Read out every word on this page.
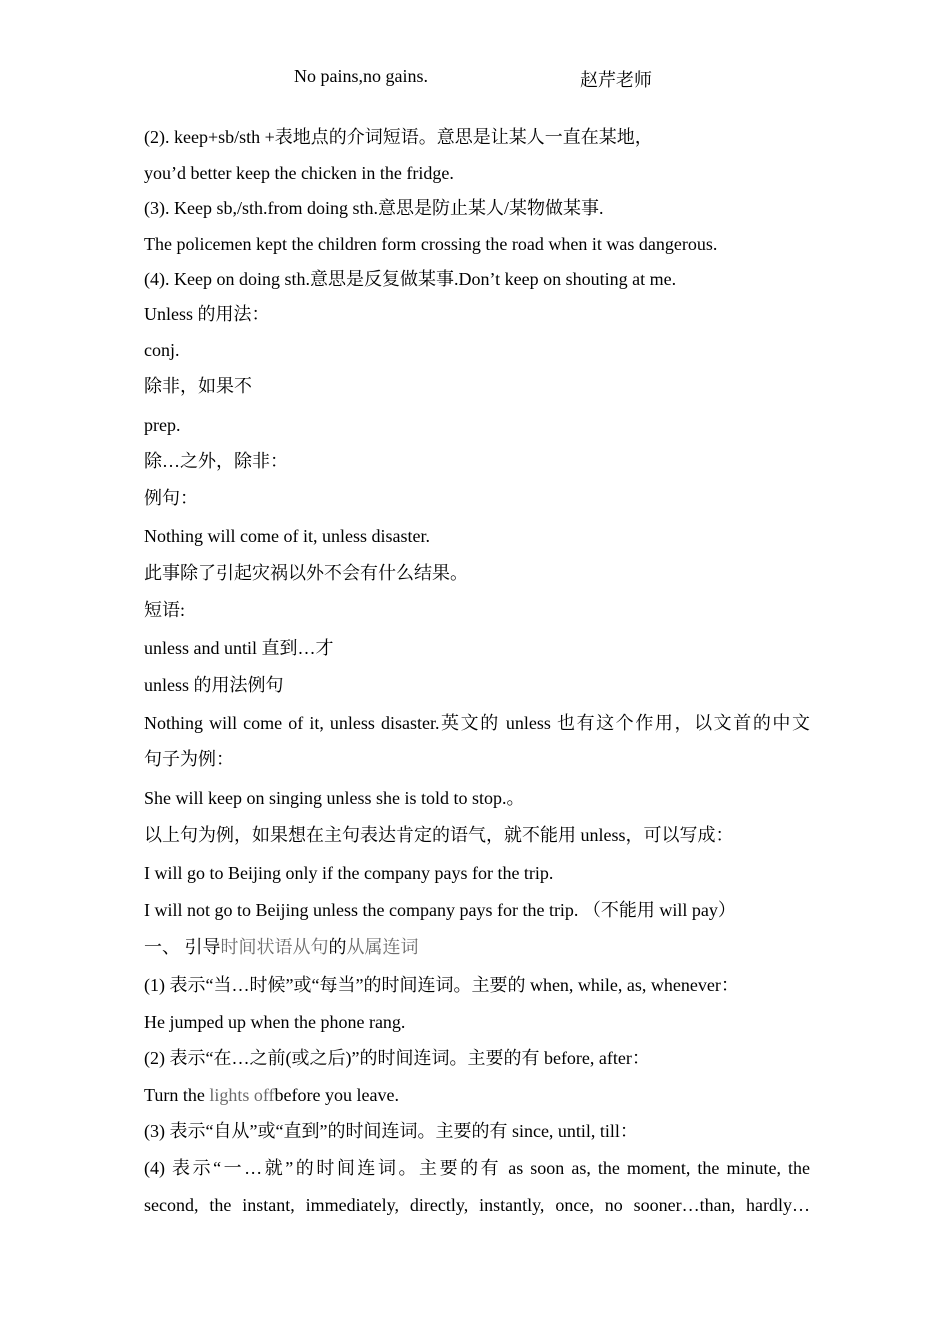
No pains,no gains.	赵芹老师
(2). keep+sb/sth +表地点的介词短语。意思是让某人一直在某地，
you’d better keep the chicken in the fridge.
(3). Keep sb,/sth.from doing sth.意思是防止某人/某物做某事.
The policemen kept the children form crossing the road when it was dangerous.
(4). Keep on doing sth.意思是反复做某事.Don’t keep on shouting at me.
Unless 的用法：
conj.
除非，如果不
prep.
除…之外，除非：
例句：
Nothing will come of it, unless disaster.
此事除了引起灾祸以外不会有什么结果。
短语:
unless and until 直到…才
unless 的用法例句
Nothing will come of it, unless disaster.英文的 unless 也有这个作用，以文首的中文
句子为例：
She will keep on singing unless she is told to stop.。
以上句为例，如果想在主句表达肯定的语气，就不能用 unless，可以写成：
I will go to Beijing only if the company pays for the trip.
I will not go to Beijing unless the company pays for the trip. （不能用 will pay）
一、 引导时间状语从句的从属连词
(1) 表示“当…时候”或“每当”的时间连词。主要的 when, while, as, whenever：
He jumped up when the phone rang.
(2) 表示“在…之前(或之后)”的时间连词。主要的有 before, after：
Turn the lights offbefore you leave.
(3) 表示“自从”或“直到”的时间连词。主要的有 since, until, till：
(4) 表示“一…就”的时间连词。主要的有 as soon as, the moment, the minute, the
second, the instant, immediately, directly, instantly, once, no sooner…than, hardly…
